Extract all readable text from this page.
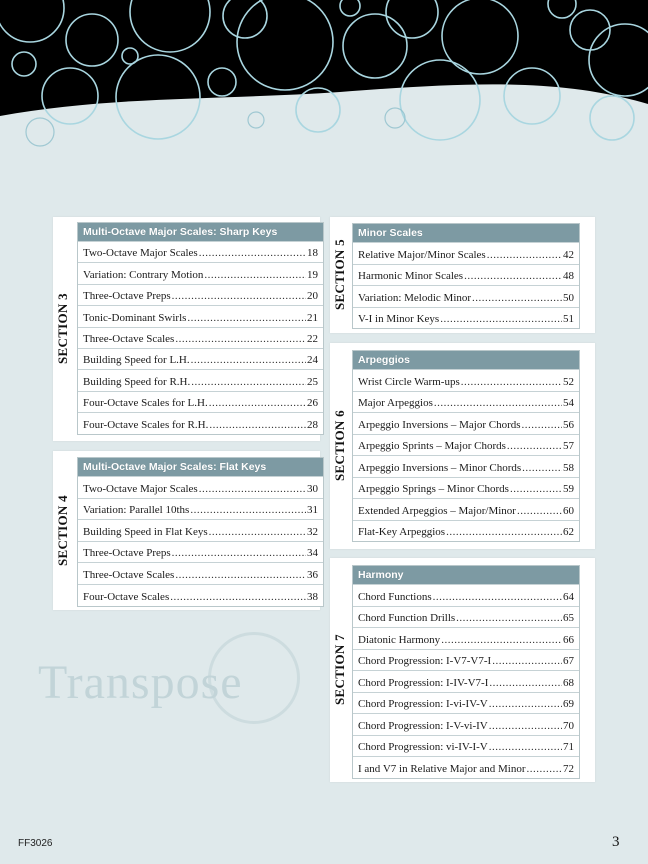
SECTION 3
Multi-Octave Major Scales: Sharp Keys
Two-Octave Major Scales .....	18
Variation: Contrary Motion .....	19
Three-Octave Preps .....	20
Tonic-Dominant Swirls .....	21
Three-Octave Scales .....	22
Building Speed for L.H. .....	24
Building Speed for R.H. .....	25
Four-Octave Scales for L.H. .....	26
Four-Octave Scales for R.H. .....	28
SECTION 4
Multi-Octave Major Scales: Flat Keys
Two-Octave Major Scales .....	30
Variation: Parallel 10ths .....	31
Building Speed in Flat Keys .....	32
Three-Octave Preps .....	34
Three-Octave Scales .....	36
Four-Octave Scales .....	38
SECTION 5
Minor Scales
Relative Major/Minor Scales .....	42
Harmonic Minor Scales .....	48
Variation: Melodic Minor .....	50
V-I in Minor Keys .....	51
SECTION 6
Arpeggios
Wrist Circle Warm-ups .....	52
Major Arpeggios .....	54
Arpeggio Inversions – Major Chords .....	56
Arpeggio Sprints – Major Chords .....	57
Arpeggio Inversions – Minor Chords .....	58
Arpeggio Springs – Minor Chords .....	59
Extended Arpeggios – Major/Minor .....	60
Flat-Key Arpeggios .....	62
SECTION 7
Harmony
Chord Functions .....	64
Chord Function Drills .....	65
Diatonic Harmony .....	66
Chord Progression: I-V7-V7-I .....	67
Chord Progression: I-IV-V7-I .....	68
Chord Progression: I-vi-IV-V .....	69
Chord Progression: I-V-vi-IV .....	70
Chord Progression: vi-IV-I-V .....	71
I and V7 in Relative Major and Minor .....	72
Transpose
FF3026	3
